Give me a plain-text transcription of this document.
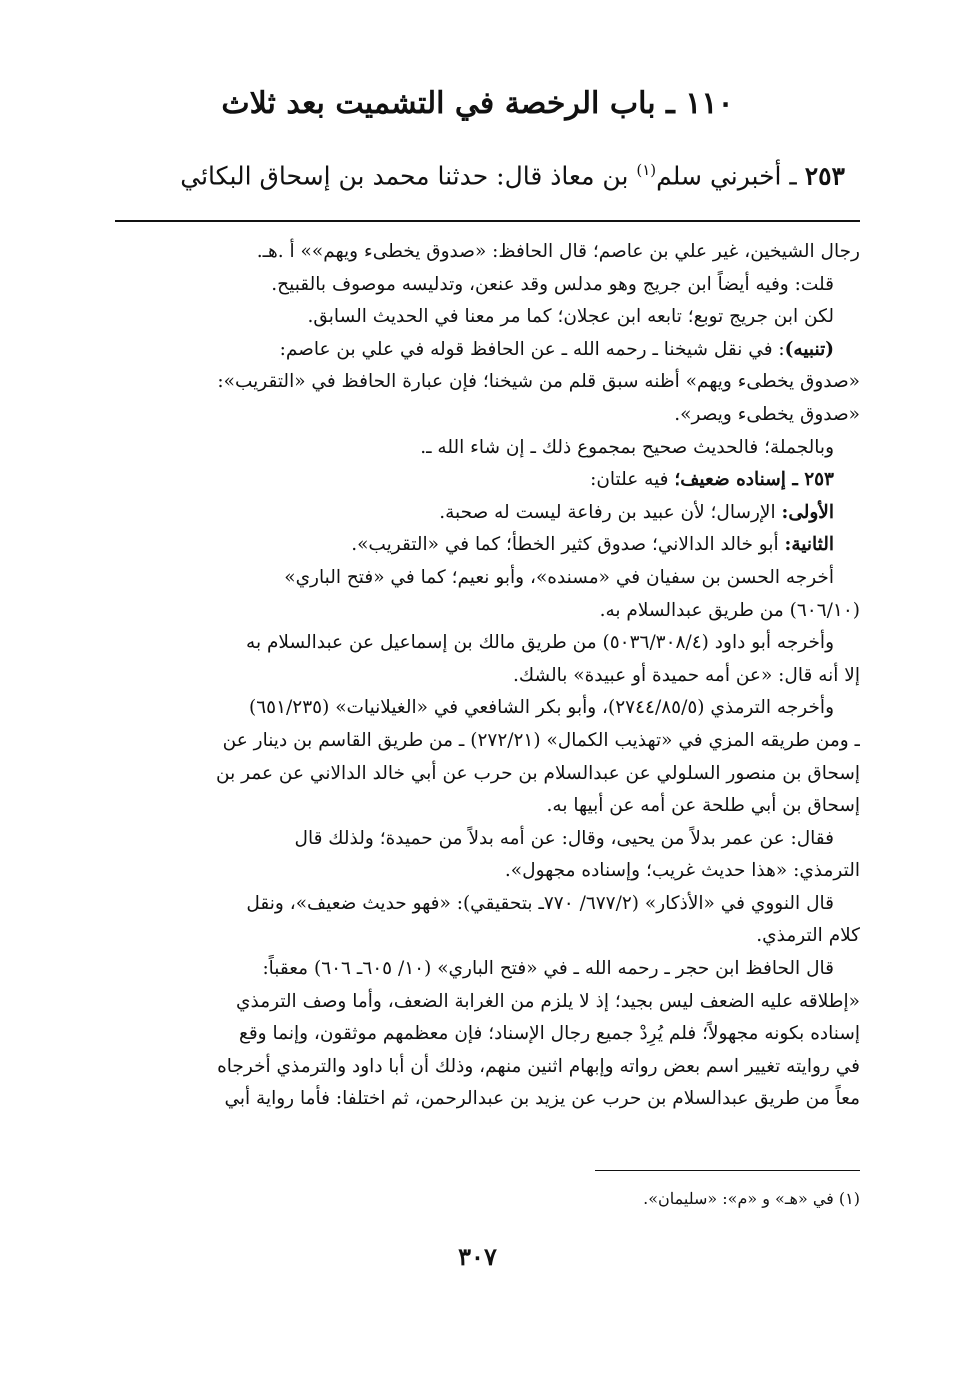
١١٠ ـ باب الرخصة في التشميت بعد ثلاث
٢٥٣ ـ أخبرني سلم$^{(١)}$ بن معاذ قال: حدثنا محمد بن إسحاق البكائي

رجال الشيخين، غير علي بن عاصم؛ قال الحافظ: «صدوق يخطىء ويهم»» أ .هـ.

قلت: وفيه أيضاً ابن جريج وهو مدلس وقد عنعن، وتدليسه موصوف بالقبيح.

لكن ابن جريج توبع؛ تابعه ابن عجلان؛ كما مر معنا في الحديث السابق.

(تنبيه): في نقل شيخنا ـ رحمه الله ـ عن الحافظ قوله في علي بن عاصم:

«صدوق يخطىء ويهم» أظنه سبق قلم من شيخنا؛ فإن عبارة الحافظ في «التقريب»:

«صدوق يخطىء ويصر».

وبالجملة؛ فالحديث صحيح بمجموع ذلك ـ إن شاء الله ـ.

٢٥٣ ـ إسناده ضعيف؛ فيه علتان:

الأولى: الإرسال؛ لأن عبيد بن رفاعة ليست له صحبة.

الثانية: أبو خالد الدالاني؛ صدوق كثير الخطأ؛ كما في «التقريب».

أخرجه الحسن بن سفيان في «مسنده»، وأبو نعيم؛ كما في «فتح الباري»

(٦٠٦/١٠) من طريق عبدالسلام به.

وأخرجه أبو داود (٥٠٣٦/٣٠٨/٤) من طريق مالك بن إسماعيل عن عبدالسلام به

إلا أنه قال: «عن أمه حميدة أو عبيدة» بالشك.

وأخرجه الترمذي (٢٧٤٤/٨٥/٥)، وأبو بكر الشافعي في «الغيلانيات» (٦٥١/٢٣٥)

ـ ومن طريقه المزي في «تهذيب الكمال» (٢٧٢/٢١) ـ من طريق القاسم بن دينار عن

إسحاق بن منصور السلولي عن عبدالسلام بن حرب عن أبي خالد الدالاني عن عمر بن

إسحاق بن أبي طلحة عن أمه عن أبيها به.

فقال: عن عمر بدلاً من يحيى، وقال: عن أمه بدلاً من حميدة؛ ولذلك قال

الترمذي: «هذا حديث غريب؛ وإسناده مجهول».

قال النووي في «الأذكار» (٦٧٧/٢/ ٧٧٠ـ بتحقيقي): «فهو حديث ضعيف»، ونقل

كلام الترمذي.

قال الحافظ ابن حجر ـ رحمه الله ـ في «فتح الباري» (١٠/ ٦٠٥ـ ٦٠٦) معقباً:

«إطلاقه عليه الضعف ليس بجيد؛ إذ لا يلزم من الغرابة الضعف، وأما وصف الترمذي

إسناده بكونه مجهولاً؛ فلم يُرِدْ جميع رجال الإسناد؛ فإن معظمهم موثقون، وإنما وقع

في روايته تغيير اسم بعض رواته وإبهام اثنين منهم، وذلك أن أبا داود والترمذي أخرجاه

معاً من طريق عبدالسلام بن حرب عن يزيد بن عبدالرحمن، ثم اختلفا: فأما رواية أبي

(١) في «هـ» و «م»: «سليمان».
٣٠٧
